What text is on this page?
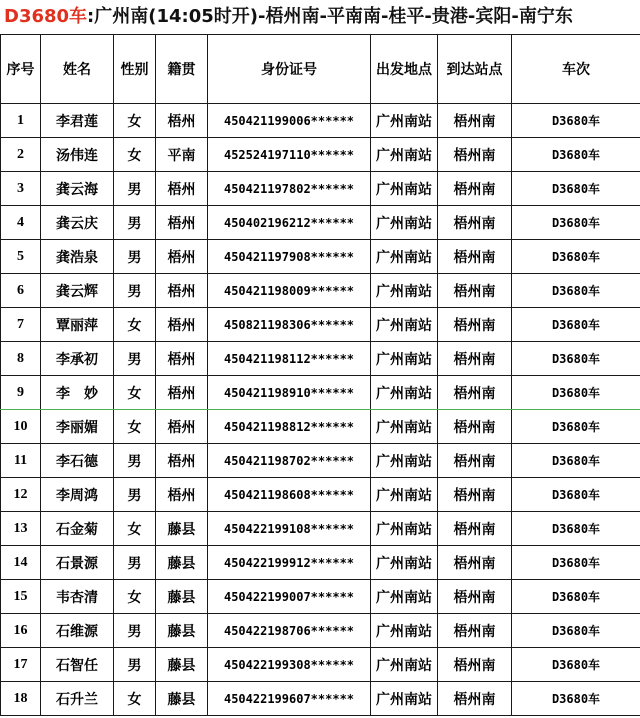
D3680车:广州南(14:05时开)-梧州南-平南南-桂平-贵港-宾阳-南宁东
序号	姓名	性别	籍贯	身份证号	出发地点	到达站点	车次
1	李君莲	女	梧州	450421199006******	广州南站	梧州南	D3680车
2	汤伟连	女	平南	452524197110******	广州南站	梧州南	D3680车
3	龚云海	男	梧州	450421197802******	广州南站	梧州南	D3680车
4	龚云庆	男	梧州	450402196212******	广州南站	梧州南	D3680车
5	龚浩泉	男	梧州	450421197908******	广州南站	梧州南	D3680车
6	龚云辉	男	梧州	450421198009******	广州南站	梧州南	D3680车
7	覃丽萍	女	梧州	450821198306******	广州南站	梧州南	D3680车
8	李承初	男	梧州	450421198112******	广州南站	梧州南	D3680车
9	李　妙	女	梧州	450421198910******	广州南站	梧州南	D3680车
10	李丽媚	女	梧州	450421198812******	广州南站	梧州南	D3680车
11	李石德	男	梧州	450421198702******	广州南站	梧州南	D3680车
12	李周鸿	男	梧州	450421198608******	广州南站	梧州南	D3680车
13	石金菊	女	藤县	450422199108******	广州南站	梧州南	D3680车
14	石景源	男	藤县	450422199912******	广州南站	梧州南	D3680车
15	韦杏清	女	藤县	450422199007******	广州南站	梧州南	D3680车
16	石维源	男	藤县	450422198706******	广州南站	梧州南	D3680车
17	石智任	男	藤县	450422199308******	广州南站	梧州南	D3680车
18	石升兰	女	藤县	450422199607******	广州南站	梧州南	D3680车
